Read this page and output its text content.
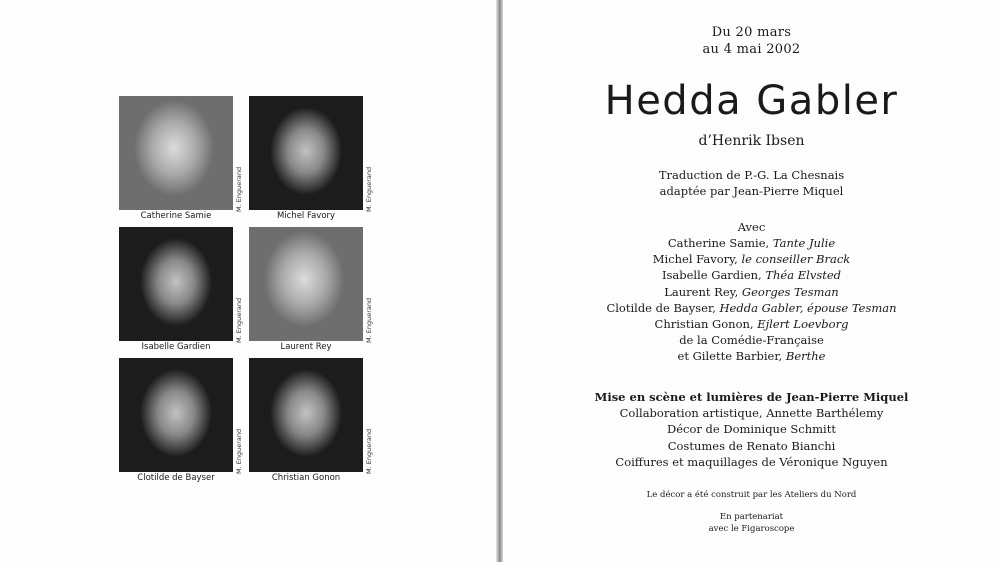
M. Enguerand
Catherine Samie
M. Enguerand
Michel Favory
M. Enguerand
Isabelle Gardien
M. Enguerand
Laurent Rey
M. Enguerand
Clotilde de Bayser
M. Enguerand
Christian Gonon
Du 20 mars
au 4 mai 2002
Hedda Gabler
d’Henrik Ibsen
Traduction de P.-G. La Chesnais
adaptée par Jean-Pierre Miquel
Avec
Catherine Samie, Tante Julie
Michel Favory, le conseiller Brack
Isabelle Gardien, Théa Elvsted
Laurent Rey, Georges Tesman
Clotilde de Bayser, Hedda Gabler, épouse Tesman
Christian Gonon, Ejlert Loevborg
de la Comédie-Française
et Gilette Barbier, Berthe
Mise en scène et lumières de Jean-Pierre Miquel
Collaboration artistique, Annette Barthélemy
Décor de Dominique Schmitt
Costumes de Renato Bianchi
Coiffures et maquillages de Véronique Nguyen
Le décor a été construit par les Ateliers du Nord
En partenariat
avec le Figaroscope
